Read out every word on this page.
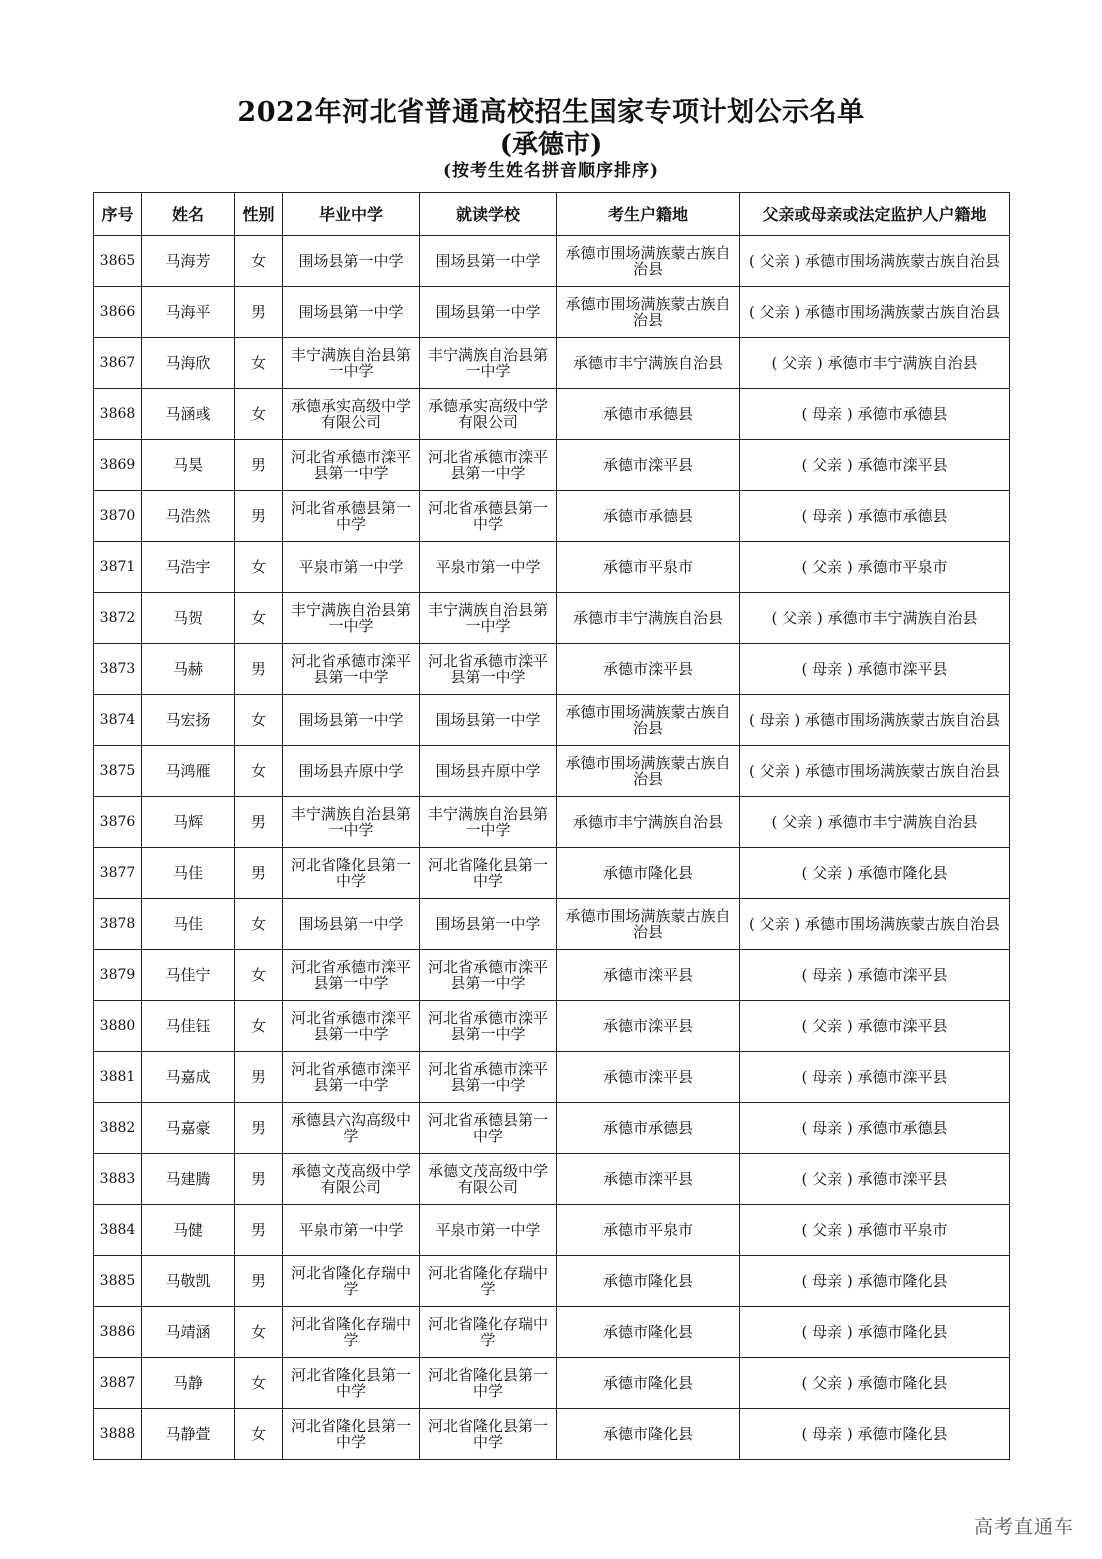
2022年河北省普通高校招生国家专项计划公示名单
(承德市)
(按考生姓名拼音顺序排序)
序号	姓名	性别	毕业中学	就读学校	考生户籍地	父亲或母亲或法定监护人户籍地
3865	马海芳	女	围场县第一中学	围场县第一中学	承德市围场满族蒙古族自治县	( 父亲 ) 承德市围场满族蒙古族自治县
3866	马海平	男	围场县第一中学	围场县第一中学	承德市围场满族蒙古族自治县	( 父亲 ) 承德市围场满族蒙古族自治县
3867	马海欣	女	丰宁满族自治县第一中学	丰宁满族自治县第一中学	承德市丰宁满族自治县	( 父亲 ) 承德市丰宁满族自治县
3868	马涵彧	女	承德承实高级中学有限公司	承德承实高级中学有限公司	承德市承德县	( 母亲 ) 承德市承德县
3869	马昊	男	河北省承德市滦平县第一中学	河北省承德市滦平县第一中学	承德市滦平县	( 父亲 ) 承德市滦平县
3870	马浩然	男	河北省承德县第一中学	河北省承德县第一中学	承德市承德县	( 母亲 ) 承德市承德县
3871	马浩宇	女	平泉市第一中学	平泉市第一中学	承德市平泉市	( 父亲 ) 承德市平泉市
3872	马贺	女	丰宁满族自治县第一中学	丰宁满族自治县第一中学	承德市丰宁满族自治县	( 父亲 ) 承德市丰宁满族自治县
3873	马赫	男	河北省承德市滦平县第一中学	河北省承德市滦平县第一中学	承德市滦平县	( 母亲 ) 承德市滦平县
3874	马宏扬	女	围场县第一中学	围场县第一中学	承德市围场满族蒙古族自治县	( 母亲 ) 承德市围场满族蒙古族自治县
3875	马鸿雁	女	围场县卉原中学	围场县卉原中学	承德市围场满族蒙古族自治县	( 父亲 ) 承德市围场满族蒙古族自治县
3876	马辉	男	丰宁满族自治县第一中学	丰宁满族自治县第一中学	承德市丰宁满族自治县	( 父亲 ) 承德市丰宁满族自治县
3877	马佳	男	河北省隆化县第一中学	河北省隆化县第一中学	承德市隆化县	( 父亲 ) 承德市隆化县
3878	马佳	女	围场县第一中学	围场县第一中学	承德市围场满族蒙古族自治县	( 父亲 ) 承德市围场满族蒙古族自治县
3879	马佳宁	女	河北省承德市滦平县第一中学	河北省承德市滦平县第一中学	承德市滦平县	( 母亲 ) 承德市滦平县
3880	马佳钰	女	河北省承德市滦平县第一中学	河北省承德市滦平县第一中学	承德市滦平县	( 父亲 ) 承德市滦平县
3881	马嘉成	男	河北省承德市滦平县第一中学	河北省承德市滦平县第一中学	承德市滦平县	( 母亲 ) 承德市滦平县
3882	马嘉豪	男	承德县六沟高级中学	河北省承德县第一中学	承德市承德县	( 母亲 ) 承德市承德县
3883	马建腾	男	承德文茂高级中学有限公司	承德文茂高级中学有限公司	承德市滦平县	( 父亲 ) 承德市滦平县
3884	马健	男	平泉市第一中学	平泉市第一中学	承德市平泉市	( 父亲 ) 承德市平泉市
3885	马敬凯	男	河北省隆化存瑞中学	河北省隆化存瑞中学	承德市隆化县	( 母亲 ) 承德市隆化县
3886	马靖涵	女	河北省隆化存瑞中学	河北省隆化存瑞中学	承德市隆化县	( 母亲 ) 承德市隆化县
3887	马静	女	河北省隆化县第一中学	河北省隆化县第一中学	承德市隆化县	( 父亲 ) 承德市隆化县
3888	马静萱	女	河北省隆化县第一中学	河北省隆化县第一中学	承德市隆化县	( 母亲 ) 承德市隆化县
高考直通车
